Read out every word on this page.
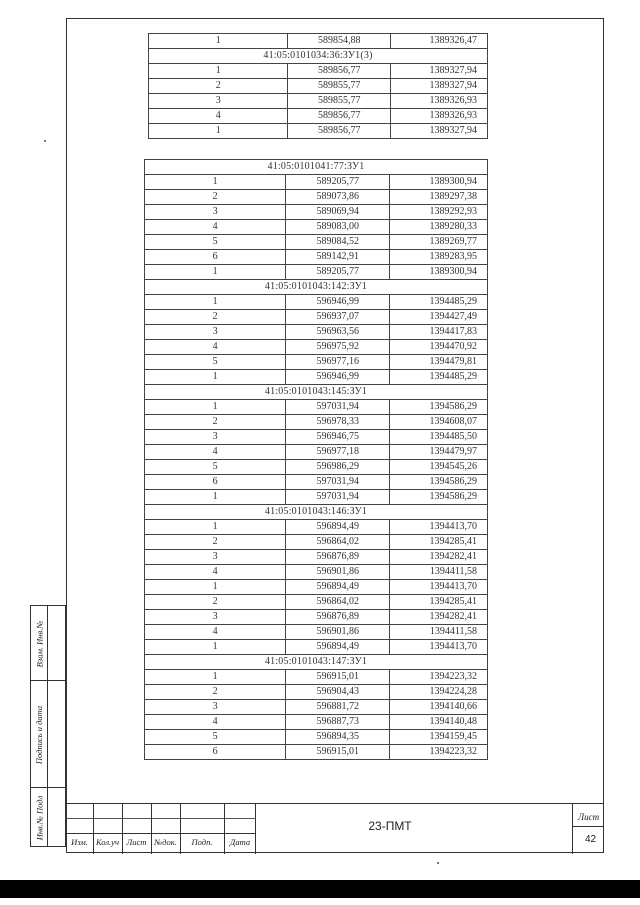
1	589854,88	1389326,47
41:05:0101034:36:ЗУ1(3)		
1	589856,77	1389327,94
2	589855,77	1389327,94
3	589855,77	1389326,93
4	589856,77	1389326,93
1	589856,77	1389327,94
41:05:0101041:77:ЗУ1		
1	589205,77	1389300,94
2	589073,86	1389297,38
3	589069,94	1389292,93
4	589083,00	1389280,33
5	589084,52	1389269,77
6	589142,91	1389283,95
1	589205,77	1389300,94
41:05:0101043:142:ЗУ1		
1	596946,99	1394485,29
2	596937,07	1394427,49
3	596963,56	1394417,83
4	596975,92	1394470,92
5	596977,16	1394479,81
1	596946,99	1394485,29
41:05:0101043:145:ЗУ1		
1	597031,94	1394586,29
2	596978,33	1394608,07
3	596946,75	1394485,50
4	596977,18	1394479,97
5	596986,29	1394545,26
6	597031,94	1394586,29
1	597031,94	1394586,29
41:05:0101043:146:ЗУ1		
1	596894,49	1394413,70
2	596864,02	1394285,41
3	596876,89	1394282,41
4	596901,86	1394411,58
1	596894,49	1394413,70
2	596864,02	1394285,41
3	596876,89	1394282,41
4	596901,86	1394411,58
1	596894,49	1394413,70
41:05:0101043:147:ЗУ1		
1	596915,01	1394223,32
2	596904,43	1394224,28
3	596881,72	1394140,66
4	596887,73	1394140,48
5	596894,35	1394159,45
6	596915,01	1394223,32
Взам. Инв.№
Подпись и дата
Инв.№ Подл
Изм. Кол.уч Лист №док.	Подп.	Дата
23-ПМТ
Лист
42
